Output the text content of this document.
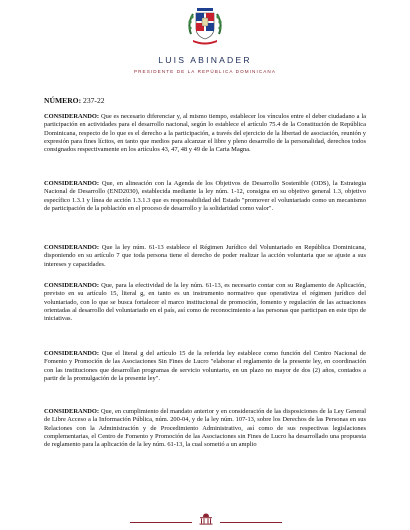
LUIS ABINADER
PRESIDENTE DE LA REPÚBLICA DOMINICANA
NÚMERO: 237-22

CONSIDERANDO: Que es necesario diferenciar y, al mismo tiempo, establecer los vínculos entre el deber ciudadano a la participación en actividades para el desarrollo nacional, según lo establece el artículo 75.4 de la Constitución de República Dominicana, respecto de lo que es el derecho a la participación, a través del ejercicio de la libertad de asociación, reunión y expresión para fines lícitos, en tanto que medios para alcanzar el libre y pleno desarrollo de la personalidad, derechos todos consignados respectivamente en los artículos 43, 47, 48 y 49 de la Carta Magna.

CONSIDERANDO: Que, en alineación con la Agenda de los Objetivos de Desarrollo Sostenible (ODS), la Estrategia Nacional de Desarrollo (END2030), establecida mediante la ley núm. 1-12, consigna en su objetivo general 1.3, objetivo específico 1.3.1 y línea de acción 1.3.1.3 que es responsabilidad del Estado "promover el voluntariado como un mecanismo de participación de la población en el proceso de desarrollo y la solidaridad como valor".

CONSIDERANDO: Que la ley núm. 61-13 establece el Régimen Jurídico del Voluntariado en República Dominicana, disponiendo en su artículo 7 que toda persona tiene el derecho de poder realizar la acción voluntaria que se ajuste a sus intereses y capacidades.

CONSIDERANDO: Que, para la efectividad de la ley núm. 61-13, es necesario contar con su Reglamento de Aplicación, previsto en su artículo 15, literal g, en tanto es un instrumento normativo que operativiza el régimen jurídico del voluntariado, con lo que se busca fortalecer el marco institucional de promoción, fomento y regulación de las actuaciones orientadas al desarrollo del voluntariado en el país, así como de reconocimiento a las personas que participan en este tipo de iniciativas.

CONSIDERANDO: Que el literal g del artículo 15 de la referida ley establece como función del Centro Nacional de Fomento y Promoción de las Asociaciones Sin Fines de Lucro "elaborar el reglamento de la presente ley, en coordinación con las instituciones que desarrollan programas de servicio voluntario, en un plazo no mayor de dos (2) años, contados a partir de la promulgación de la presente ley".

CONSIDERANDO: Que, en cumplimiento del mandato anterior y en consideración de las disposiciones de la Ley General de Libre Acceso a la Información Pública, núm. 200-04, y de la ley núm. 107-13, sobre los Derechos de las Personas en sus Relaciones con la Administración y de Procedimiento Administrativo, así como de sus respectivas legislaciones complementarias, el Centro de Fomento y Promoción de las Asociaciones sin Fines de Lucro ha desarrollado una propuesta de reglamento para la aplicación de la ley núm. 61-13, la cual sometió a un amplio
